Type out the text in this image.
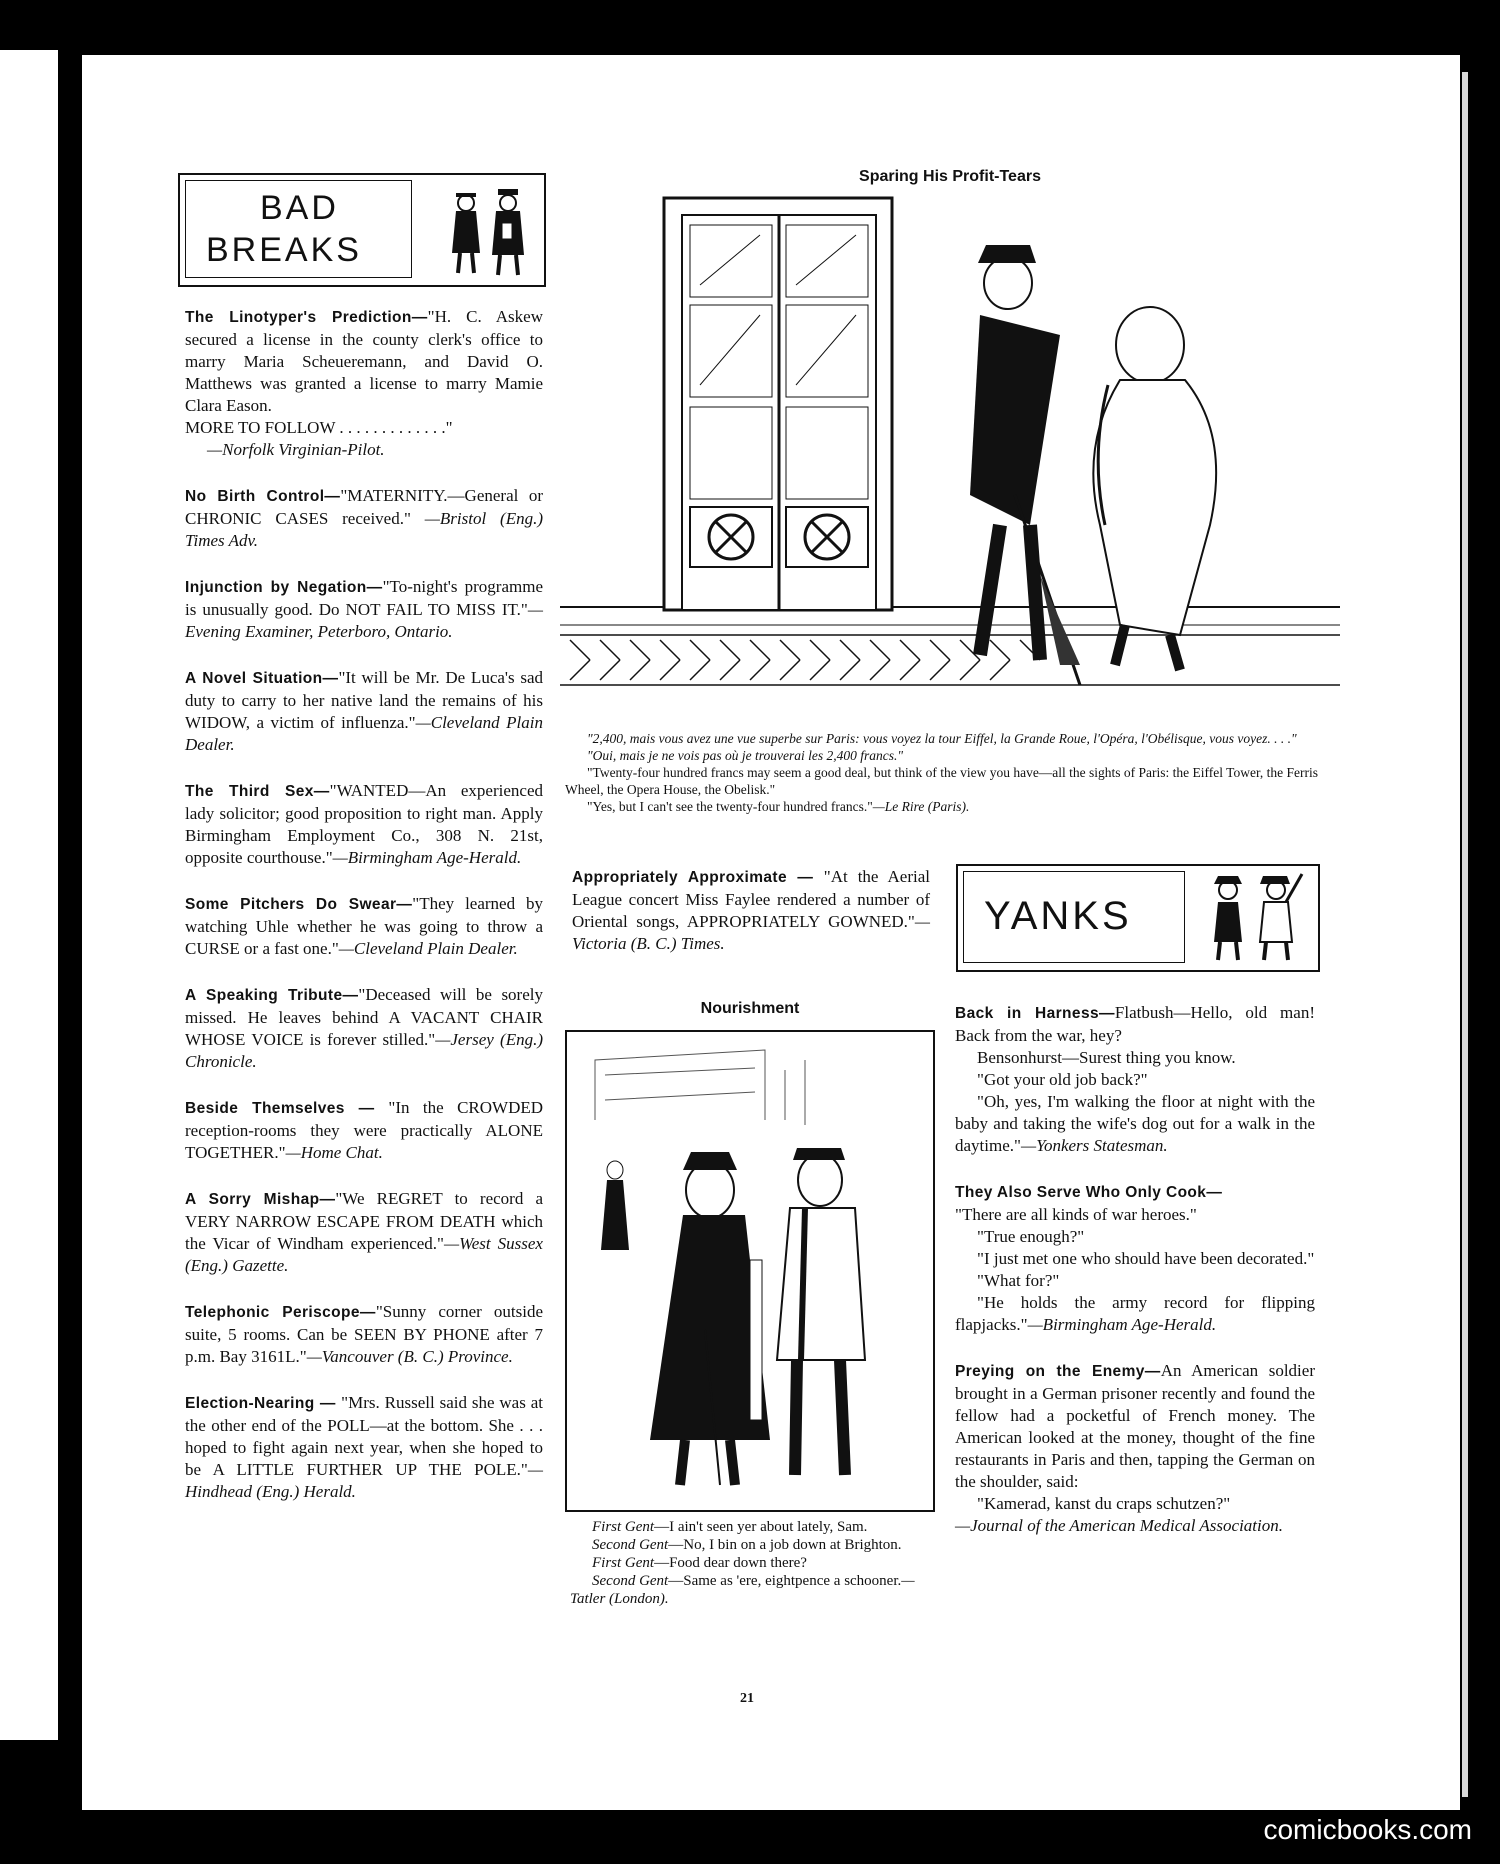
BAD
BREAKS

The Linotyper's Prediction—"H. C. Askew secured a license in the county clerk's office to marry Maria Scheueremann, and David O. Matthews was granted a license to marry Mamie Clara Eason.

MORE TO FOLLOW . . . . . . . . . . . . ."

—Norfolk Virginian-Pilot.

No Birth Control—"MATERNITY.—General or CHRONIC CASES received." —Bristol (Eng.) Times Adv.

Injunction by Negation—"To-night's programme is unusually good. Do NOT FAIL TO MISS IT."—Evening Examiner, Peterboro, Ontario.

A Novel Situation—"It will be Mr. De Luca's sad duty to carry to her native land the remains of his WIDOW, a victim of influenza."—Cleveland Plain Dealer.

The Third Sex—"WANTED—An experienced lady solicitor; good proposition to right man. Apply Birmingham Employment Co., 308 N. 21st, opposite courthouse."—Birmingham Age-Herald.

Some Pitchers Do Swear—"They learned by watching Uhle whether he was going to throw a CURSE or a fast one."—Cleveland Plain Dealer.

A Speaking Tribute—"Deceased will be sorely missed. He leaves behind A VACANT CHAIR WHOSE VOICE is forever stilled."—Jersey (Eng.) Chronicle.

Beside Themselves — "In the CROWDED reception-rooms they were practically ALONE TOGETHER."—Home Chat.

A Sorry Mishap—"We REGRET to record a VERY NARROW ESCAPE FROM DEATH which the Vicar of Windham experienced."—West Sussex (Eng.) Gazette.

Telephonic Periscope—"Sunny corner outside suite, 5 rooms. Can be SEEN BY PHONE after 7 p.m. Bay 3161L."—Vancouver (B. C.) Province.

Election-Nearing — "Mrs. Russell said she was at the other end of the POLL—at the bottom. She . . . hoped to fight again next year, when she hoped to be A LITTLE FURTHER UP THE POLE."—Hindhead (Eng.) Herald.

Sparing His Profit-Tears

"2,400, mais vous avez une vue superbe sur Paris: vous voyez la tour Eiffel, la Grande Roue, l'Opéra, l'Obélisque, vous voyez. . . ."

"Oui, mais je ne vois pas où je trouverai les 2,400 francs."

"Twenty-four hundred francs may seem a good deal, but think of the view you have—all the sights of Paris: the Eiffel Tower, the Ferris Wheel, the Opera House, the Obelisk."

"Yes, but I can't see the twenty-four hundred francs."—Le Rire (Paris).

Appropriately Approximate — "At the Aerial League concert Miss Faylee rendered a number of Oriental songs, APPROPRIATELY GOWNED."—Victoria (B. C.) Times.

YANKS
Nourishment

First Gent—I ain't seen yer about lately, Sam.

Second Gent—No, I bin on a job down at Brighton.

First Gent—Food dear down there?

Second Gent—Same as 'ere, eightpence a schooner.—Tatler (London).

Back in Harness—Flatbush—Hello, old man! Back from the war, hey?

Bensonhurst—Surest thing you know.

"Got your old job back?"

"Oh, yes, I'm walking the floor at night with the baby and taking the wife's dog out for a walk in the daytime."—Yonkers Statesman.

They Also Serve Who Only Cook—

"There are all kinds of war heroes."

"True enough?"

"I just met one who should have been decorated."

"What for?"

"He holds the army record for flipping flapjacks."—Birmingham Age-Herald.

Preying on the Enemy—An American soldier brought in a German prisoner recently and found the fellow had a pocketful of French money. The American looked at the money, thought of the fine restaurants in Paris and then, tapping the German on the shoulder, said:

"Kamerad, kanst du craps schutzen?"

—Journal of the American Medical Association.

21
comicbooks.com
